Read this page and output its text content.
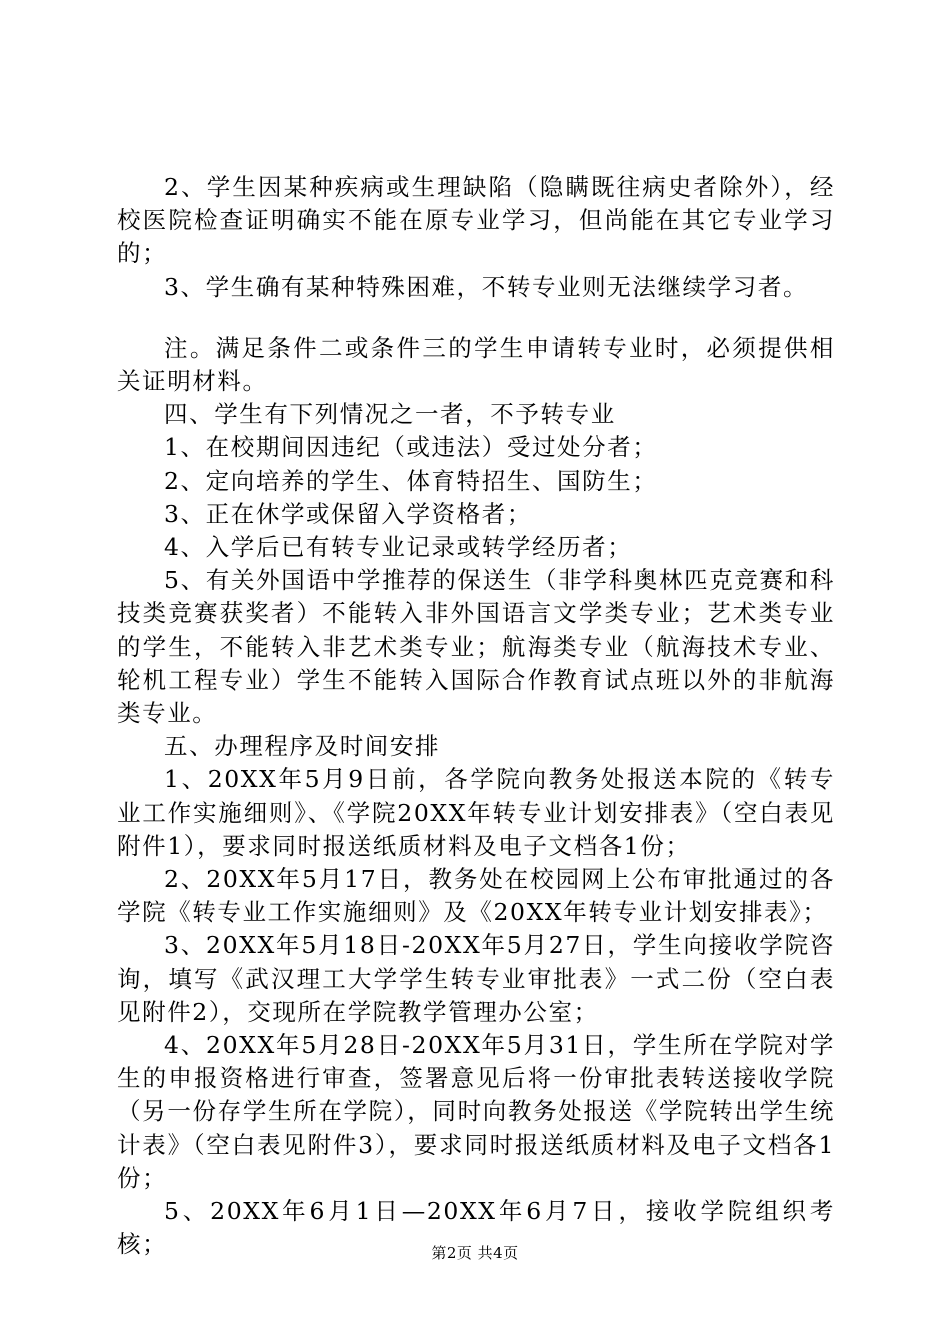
2、学生因某种疾病或生理缺陷（隐瞒既往病史者除外），经校医院检查证明确实不能在原专业学习，但尚能在其它专业学习的；

3、学生确有某种特殊困难，不转专业则无法继续学习者。

注。满足条件二或条件三的学生申请转专业时，必须提供相关证明材料。

四、学生有下列情况之一者，不予转专业

1、在校期间因违纪（或违法）受过处分者；

2、定向培养的学生、体育特招生、国防生；

3、正在休学或保留入学资格者；

4、入学后已有转专业记录或转学经历者；

5、有关外国语中学推荐的保送生（非学科奥林匹克竞赛和科技类竞赛获奖者）不能转入非外国语言文学类专业；艺术类专业的学生，不能转入非艺术类专业；航海类专业（航海技术专业、轮机工程专业）学生不能转入国际合作教育试点班以外的非航海类专业。

五、办理程序及时间安排

1、20XX年5月9日前，各学院向教务处报送本院的《转专业工作实施细则》、《学院20XX年转专业计划安排表》（空白表见附件1），要求同时报送纸质材料及电子文档各1份；

2、20XX年5月17日，教务处在校园网上公布审批通过的各学院《转专业工作实施细则》及《20XX年转专业计划安排表》；

3、20XX年5月18日-20XX年5月27日，学生向接收学院咨询，填写《武汉理工大学学生转专业审批表》一式二份（空白表见附件2），交现所在学院教学管理办公室；

4、20XX年5月28日-20XX年5月31日，学生所在学院对学生的申报资格进行审查，签署意见后将一份审批表转送接收学院（另一份存学生所在学院），同时向教务处报送《学院转出学生统计表》（空白表见附件3），要求同时报送纸质材料及电子文档各1份；

5、20XX年6月1日—20XX年6月7日，接收学院组织考核；	第2页 共4页
